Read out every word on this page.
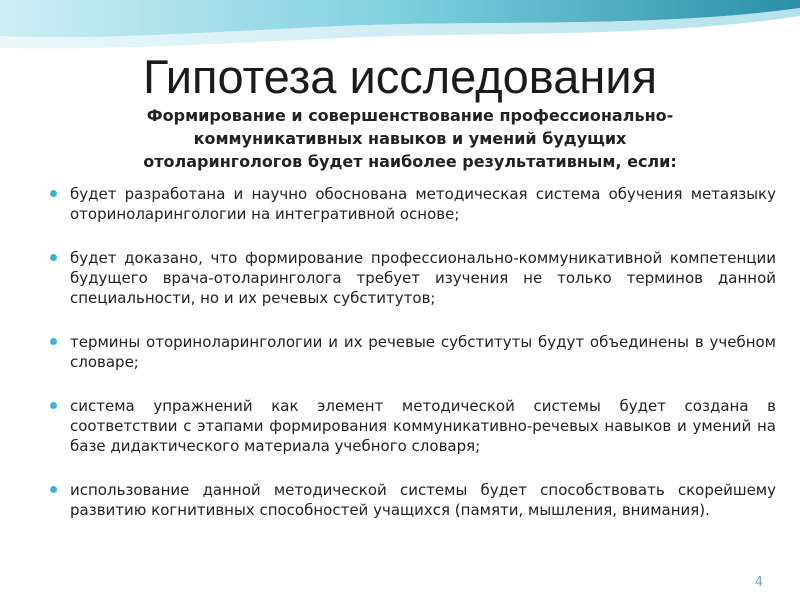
Гипотеза исследования
Формирование и совершенствование профессионально-
коммуникативных навыков и умений будущих
отоларингологов будет наиболее результативным, если:
будет разработана и научно обоснована методическая система обучения метаязыку оториноларингологии на интегративной основе;
будет доказано, что формирование профессионально-коммуникативной компетенции будущего врача-отоларинголога требует изучения не только терминов данной специальности, но и их речевых субститутов;
термины оториноларингологии и их речевые субституты будут объединены в учебном словаре;
система упражнений как элемент методической системы будет создана в соответствии с этапами формирования коммуникативно-речевых навыков и умений на базе дидактического материала учебного словаря;
использование данной методической системы будет способствовать скорейшему развитию когнитивных способностей учащихся (памяти, мышления, внимания).
4
